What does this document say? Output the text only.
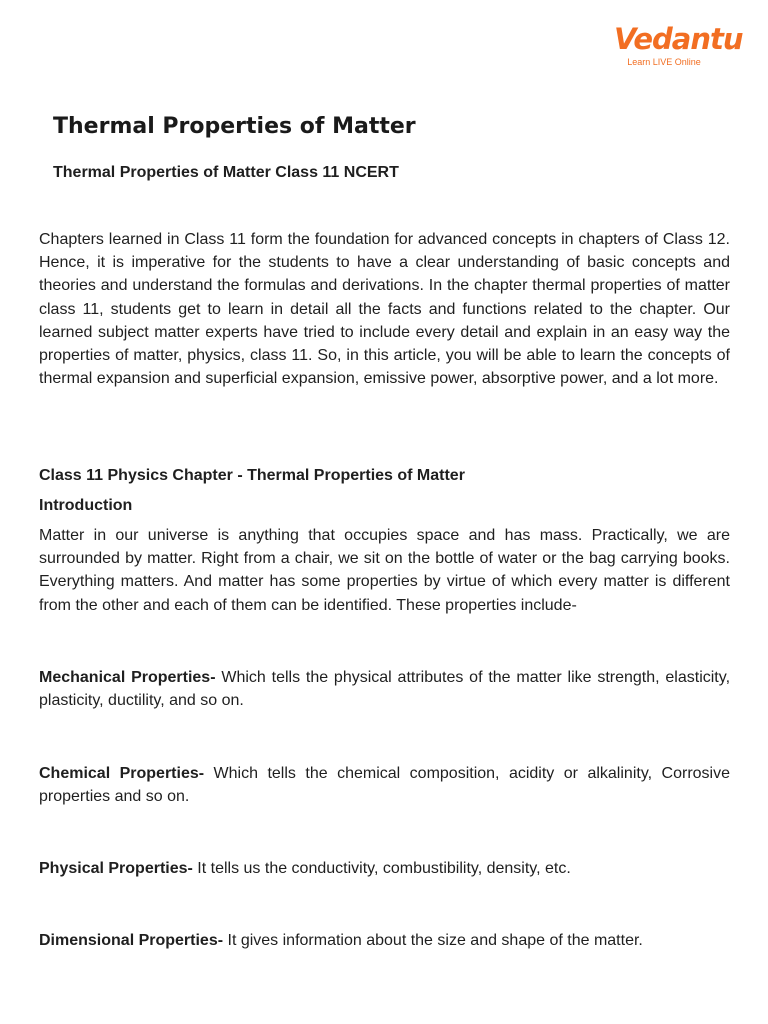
Vedantu
Learn LIVE Online
Thermal Properties of Matter
Thermal Properties of Matter Class 11 NCERT

Chapters learned in Class 11 form the foundation for advanced concepts in chapters of Class 12. Hence, it is imperative for the students to have a clear understanding of basic concepts and theories and understand the formulas and derivations. In the chapter thermal properties of matter class 11, students get to learn in detail all the facts and functions related to the chapter. Our learned subject matter experts have tried to include every detail and explain in an easy way the properties of matter, physics, class 11. So, in this article, you will be able to learn the concepts of thermal expansion and superficial expansion, emissive power, absorptive power, and a lot more.

Class 11 Physics Chapter - Thermal Properties of Matter
Introduction

Matter in our universe is anything that occupies space and has mass. Practically, we are surrounded by matter. Right from a chair, we sit on the bottle of water or the bag carrying books. Everything matters. And matter has some properties by virtue of which every matter is different from the other and each of them can be identified. These properties include-

Mechanical Properties- Which tells the physical attributes of the matter like strength, elasticity, plasticity, ductility, and so on.

Chemical Properties- Which tells the chemical composition, acidity or alkalinity, Corrosive properties and so on.

Physical Properties- It tells us the conductivity, combustibility, density, etc.

Dimensional Properties- It gives information about the size and shape of the matter.
